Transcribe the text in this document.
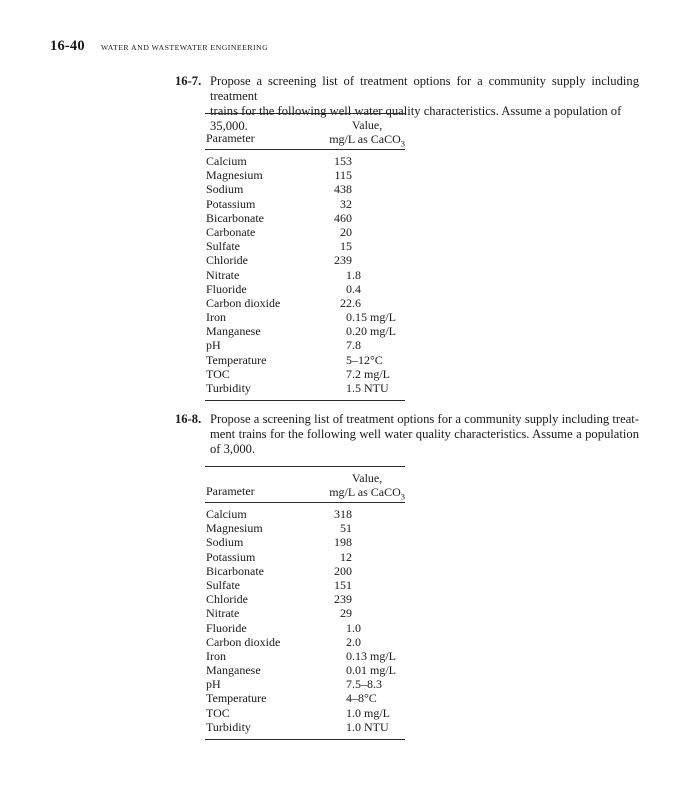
16-40 WATER AND WASTEWATER ENGINEERING
16-7. Propose a screening list of treatment options for a community supply including treatment
trains for the following well water quality characteristics. Assume a population of 35,000.
Parameter
Value,
mg/L as CaCO$_3$
Calcium	153
Magnesium	115
Sodium	438
Potassium	32
Bicarbonate	460
Carbonate	20
Sulfate	15
Chloride	239
Nitrate	1 .8
Fluoride	0 .4
Carbon dioxide	22 .6
Iron	0 .15 mg/L
Manganese	0 .20 mg/L
pH	7 .8
Temperature	5 –12°C
TOC	7 .2 mg/L
Turbidity	1 .5 NTU
16-8. Propose a screening list of treatment options for a community supply including treat-
ment trains for the following well water quality characteristics. Assume a population
of 3,000.
Parameter
Value,
mg/L as CaCO$_3$
Calcium	318
Magnesium	51
Sodium	198
Potassium	12
Bicarbonate	200
Sulfate	151
Chloride	239
Nitrate	29
Fluoride	1 .0
Carbon dioxide	2 .0
Iron	0 .13 mg/L
Manganese	0 .01 mg/L
pH	7 .5–8.3
Temperature	4 –8°C
TOC	1 .0 mg/L
Turbidity	1 .0 NTU
